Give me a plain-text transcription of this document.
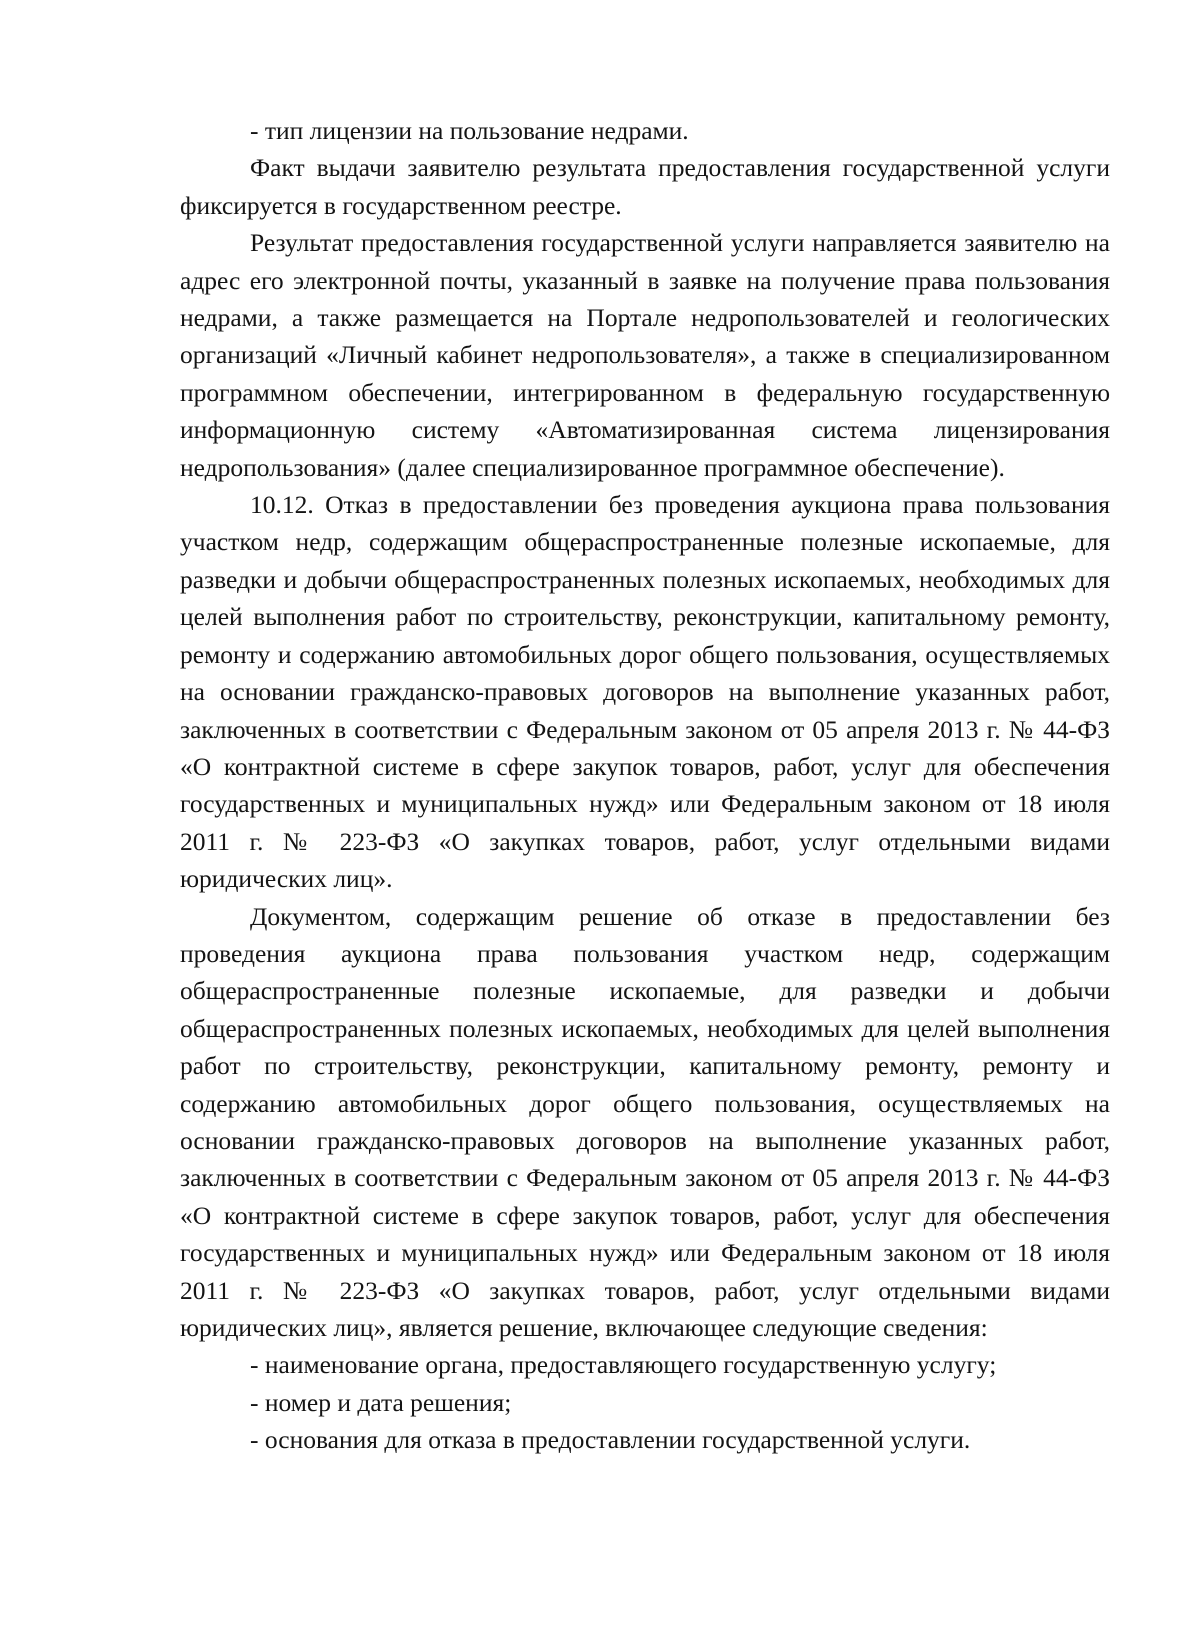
- тип лицензии на пользование недрами.

Факт выдачи заявителю результата предоставления государственной услуги фиксируется в государственном реестре.

Результат предоставления государственной услуги направляется заявителю на адрес его электронной почты, указанный в заявке на получение права пользования недрами, а также размещается на Портале недропользователей и геологических организаций «Личный кабинет недропользователя», а также в специализированном программном обеспечении, интегрированном в федеральную государственную информационную систему «Автоматизированная система лицензирования недропользования» (далее специализированное программное обеспечение).

10.12. Отказ в предоставлении без проведения аукциона права пользования участком недр, содержащим общераспространенные полезные ископаемые, для разведки и добычи общераспространенных полезных ископаемых, необходимых для целей выполнения работ по строительству, реконструкции, капитальному ремонту, ремонту и содержанию автомобильных дорог общего пользования, осуществляемых на основании гражданско-правовых договоров на выполнение указанных работ, заключенных в соответствии с Федеральным законом от 05 апреля 2013 г. № 44-ФЗ «О контрактной системе в сфере закупок товаров, работ, услуг для обеспечения государственных и муниципальных нужд» или Федеральным законом от 18 июля 2011 г. № 223-ФЗ «О закупках товаров, работ, услуг отдельными видами юридических лиц».

Документом, содержащим решение об отказе в предоставлении без проведения аукциона права пользования участком недр, содержащим общераспространенные полезные ископаемые, для разведки и добычи общераспространенных полезных ископаемых, необходимых для целей выполнения работ по строительству, реконструкции, капитальному ремонту, ремонту и содержанию автомобильных дорог общего пользования, осуществляемых на основании гражданско-правовых договоров на выполнение указанных работ, заключенных в соответствии с Федеральным законом от 05 апреля 2013 г. № 44-ФЗ «О контрактной системе в сфере закупок товаров, работ, услуг для обеспечения государственных и муниципальных нужд» или Федеральным законом от 18 июля 2011 г. № 223-ФЗ «О закупках товаров, работ, услуг отдельными видами юридических лиц», является решение, включающее следующие сведения:

- наименование органа, предоставляющего государственную услугу;

- номер и дата решения;

- основания для отказа в предоставлении государственной услуги.
